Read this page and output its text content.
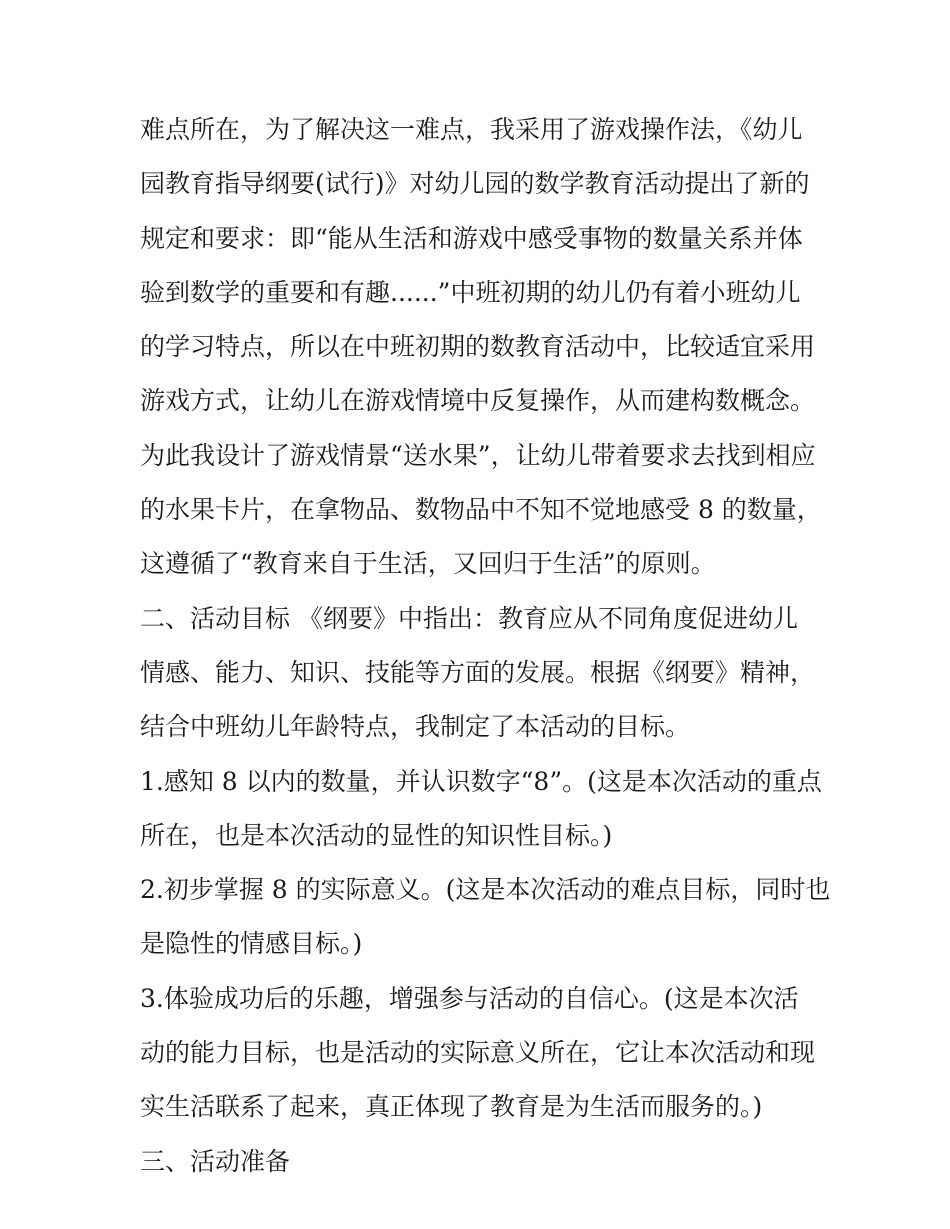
难点所在，为了解决这一难点，我采用了游戏操作法，《幼儿
园教育指导纲要(试行)》对幼儿园的数学教育活动提出了新的
规定和要求：即“能从生活和游戏中感受事物的数量关系并体
验到数学的重要和有趣......”中班初期的幼儿仍有着小班幼儿
的学习特点，所以在中班初期的数教育活动中，比较适宜采用
游戏方式，让幼儿在游戏情境中反复操作，从而建构数概念。
为此我设计了游戏情景“送水果”，让幼儿带着要求去找到相应
的水果卡片，在拿物品、数物品中不知不觉地感受 8 的数量，
这遵循了“教育来自于生活，又回归于生活”的原则。
二、活动目标 《纲要》中指出：教育应从不同角度促进幼儿
情感、能力、知识、技能等方面的发展。根据《纲要》精神，
结合中班幼儿年龄特点，我制定了本活动的目标。
1.感知 8 以内的数量，并认识数字“8”。(这是本次活动的重点
所在，也是本次活动的显性的知识性目标。)
2.初步掌握 8 的实际意义。(这是本次活动的难点目标，同时也
是隐性的情感目标。)
3.体验成功后的乐趣，增强参与活动的自信心。(这是本次活
动的能力目标，也是活动的实际意义所在，它让本次活动和现
实生活联系了起来，真正体现了教育是为生活而服务的。)
三、活动准备
